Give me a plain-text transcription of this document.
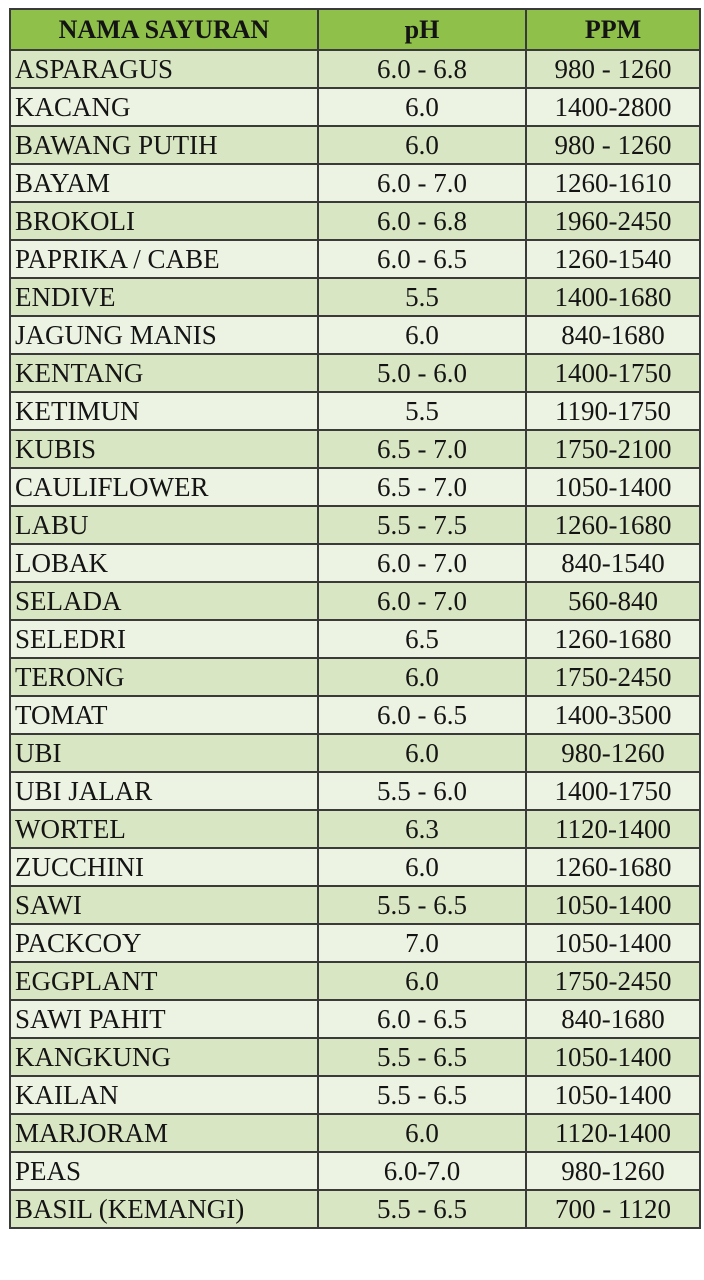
NAMA SAYURAN	pH	PPM
ASPARAGUS	6.0 - 6.8	980 - 1260
KACANG	6.0	1400-2800
BAWANG PUTIH	6.0	980 - 1260
BAYAM	6.0 - 7.0	1260-1610
BROKOLI	6.0 - 6.8	1960-2450
PAPRIKA / CABE	6.0 - 6.5	1260-1540
ENDIVE	5.5	1400-1680
JAGUNG MANIS	6.0	840-1680
KENTANG	5.0 - 6.0	1400-1750
KETIMUN	5.5	1190-1750
KUBIS	6.5 - 7.0	1750-2100
CAULIFLOWER	6.5 - 7.0	1050-1400
LABU	5.5 - 7.5	1260-1680
LOBAK	6.0 - 7.0	840-1540
SELADA	6.0 - 7.0	560-840
SELEDRI	6.5	1260-1680
TERONG	6.0	1750-2450
TOMAT	6.0 - 6.5	1400-3500
UBI	6.0	980-1260
UBI JALAR	5.5 - 6.0	1400-1750
WORTEL	6.3	1120-1400
ZUCCHINI	6.0	1260-1680
SAWI	5.5 - 6.5	1050-1400
PACKCOY	7.0	1050-1400
EGGPLANT	6.0	1750-2450
SAWI PAHIT	6.0 - 6.5	840-1680
KANGKUNG	5.5 - 6.5	1050-1400
KAILAN	5.5 - 6.5	1050-1400
MARJORAM	6.0	1120-1400
PEAS	6.0-7.0	980-1260
BASIL (KEMANGI)	5.5 - 6.5	700 - 1120
